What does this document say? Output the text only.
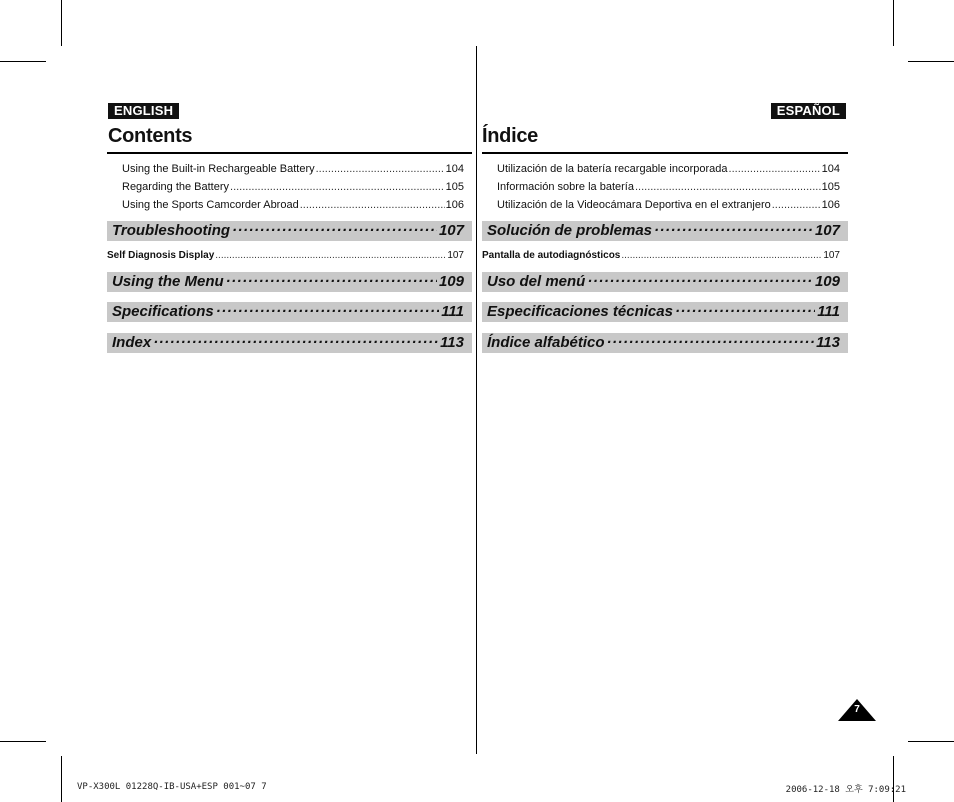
ENGLISH
Contents
ESPAÑOL
Índice
Using the Built-in Rechargeable Battery .....	104
Regarding the Battery .....	105
Using the Sports Camcorder Abroad .....	106
Troubleshooting ·····	107
Self Diagnosis Display .....	107
Using the Menu ·····	109
Specifications ·····	111
Index ·····	113
Utilización de la batería recargable incorporada .....	104
Información sobre la batería .....	105
Utilización de la Videocámara Deportiva en el extranjero .....	106
Solución de problemas ·····	107
Pantalla de autodiagnósticos .....	107
Uso del menú ·····	109
Especificaciones técnicas ·····	111
Índice alfabético ·····	113
7
VP-X300L 01228Q-IB-USA+ESP 001~07 7	2006-12-18 오후 7:09:21
